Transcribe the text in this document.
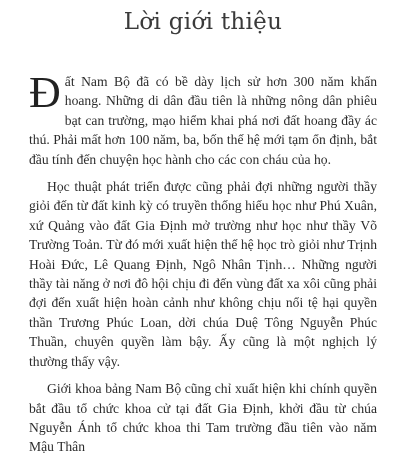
Lời giới thiệu

Đất Nam Bộ đã có bề dày lịch sử hơn 300 năm khẩn hoang. Những di dân đầu tiên là những nông dân phiêu bạt can trường, mạo hiểm khai phá nơi đất hoang đầy ác thú. Phải mất hơn 100 năm, ba, bốn thế hệ mới tạm ổn định, bắt đầu tính đến chuyện học hành cho các con cháu của họ.

Học thuật phát triển được cũng phải đợi những người thầy giỏi đến từ đất kinh kỳ có truyền thống hiếu học như Phú Xuân, xứ Quảng vào đất Gia Định mở trường như học như thầy Võ Trường Toản. Từ đó mới xuất hiện thế hệ học trò giỏi như Trịnh Hoài Đức, Lê Quang Định, Ngô Nhân Tịnh… Những người thầy tài năng ở nơi đô hội chịu đi đến vùng đất xa xôi cũng phải đợi đến xuất hiện hoàn cảnh như không chịu nổi tệ hại quyền thần Trương Phúc Loan, dời chúa Duệ Tông Nguyễn Phúc Thuần, chuyên quyền làm bậy. Ấy cũng là một nghịch lý thường thấy vậy.

Giới khoa bảng Nam Bộ cũng chỉ xuất hiện khi chính quyền bắt đầu tổ chức khoa cử tại đất Gia Định, khởi đầu từ chúa Nguyễn Ánh tổ chức khoa thi Tam trường đầu tiên vào năm Mậu Thân
